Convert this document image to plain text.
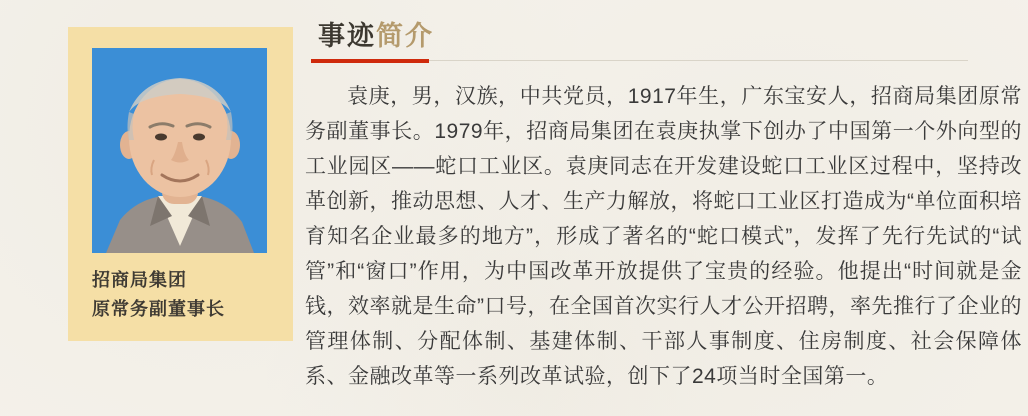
招商局集团
原常务副董事长
事迹简介

袁庚，男，汉族，中共党员，1917年生，广东宝安人，招商局集团原常务副董事长。1979年，招商局集团在袁庚执掌下创办了中国第一个外向型的工业园区——蛇口工业区。袁庚同志在开发建设蛇口工业区过程中，坚持改革创新，推动思想、人才、生产力解放，将蛇口工业区打造成为“单位面积培育知名企业最多的地方”，形成了著名的“蛇口模式”，发挥了先行先试的“试管”和“窗口”作用，为中国改革开放提供了宝贵的经验。他提出“时间就是金钱，效率就是生命”口号，在全国首次实行人才公开招聘，率先推行了企业的管理体制、分配体制、基建体制、干部人事制度、住房制度、社会保障体系、金融改革等一系列改革试验，创下了24项当时全国第一。
